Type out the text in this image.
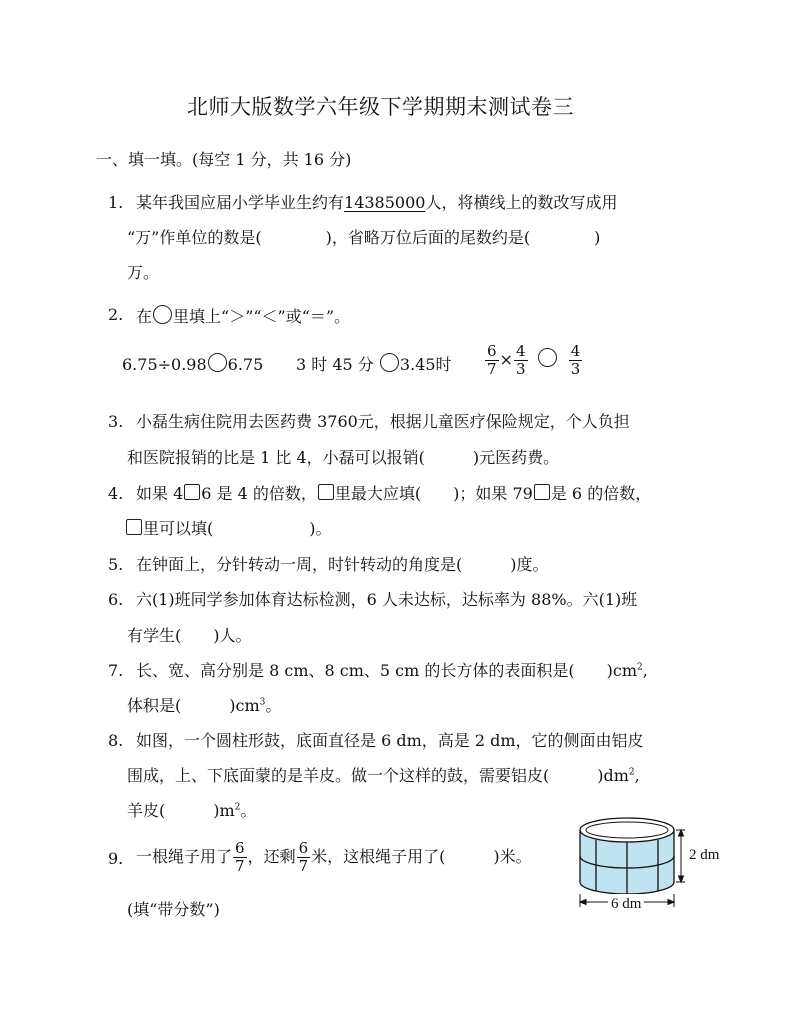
北师大版数学六年级下学期期末测试卷三
一、填一填。(每空 1 分，共 16 分)
1. 某年我国应届小学毕业生约有14385000人，将横线上的数改写成用
“万”作单位的数是(　　　　)，省略万位后面的尾数约是(　　　　)
万。
2. 在 里填上“＞”“＜”或“＝”。
6.75÷0.98 6.75 3 时 45 分 3.45时 $\frac{6}{7} \times \frac{4}{3}$
	$\frac{4}{3}$
3. 小磊生病住院用去医药费 3760元，根据儿童医疗保险规定，个人负担
和医院报销的比是 1 比 4，小磊可以报销(　　　)元医药费。
4. 如果 4 6 是 4 的倍数， 里最大应填(　　)；如果 79 是 6 的倍数，
里可以填(　　　　　　)。
5. 在钟面上，分针转动一周，时针转动的角度是(　　　)度。
6. 六(1)班同学参加体育达标检测，6 人未达标，达标率为 88%。六(1)班
有学生(　　)人。
7. 长、宽、高分别是 8 cm、8 cm、5 cm 的长方体的表面积是(　　)$cm^2$,
体积是(　　　)$cm^3$。
8. 如图，一个圆柱形鼓，底面直径是 6 dm，高是 2 dm，它的侧面由铝皮
围成，上、下底面蒙的是羊皮。做一个这样的鼓，需要铝皮(　　　)$dm^2$,
羊皮(　　　)$m^2$。
9. 一根绳子用了 $\frac{6}{7}$ ，还剩 $\frac{6}{7}$ 米，这根绳子用了(　　　)米。
(填“带分数”)
2 dm
6 dm
